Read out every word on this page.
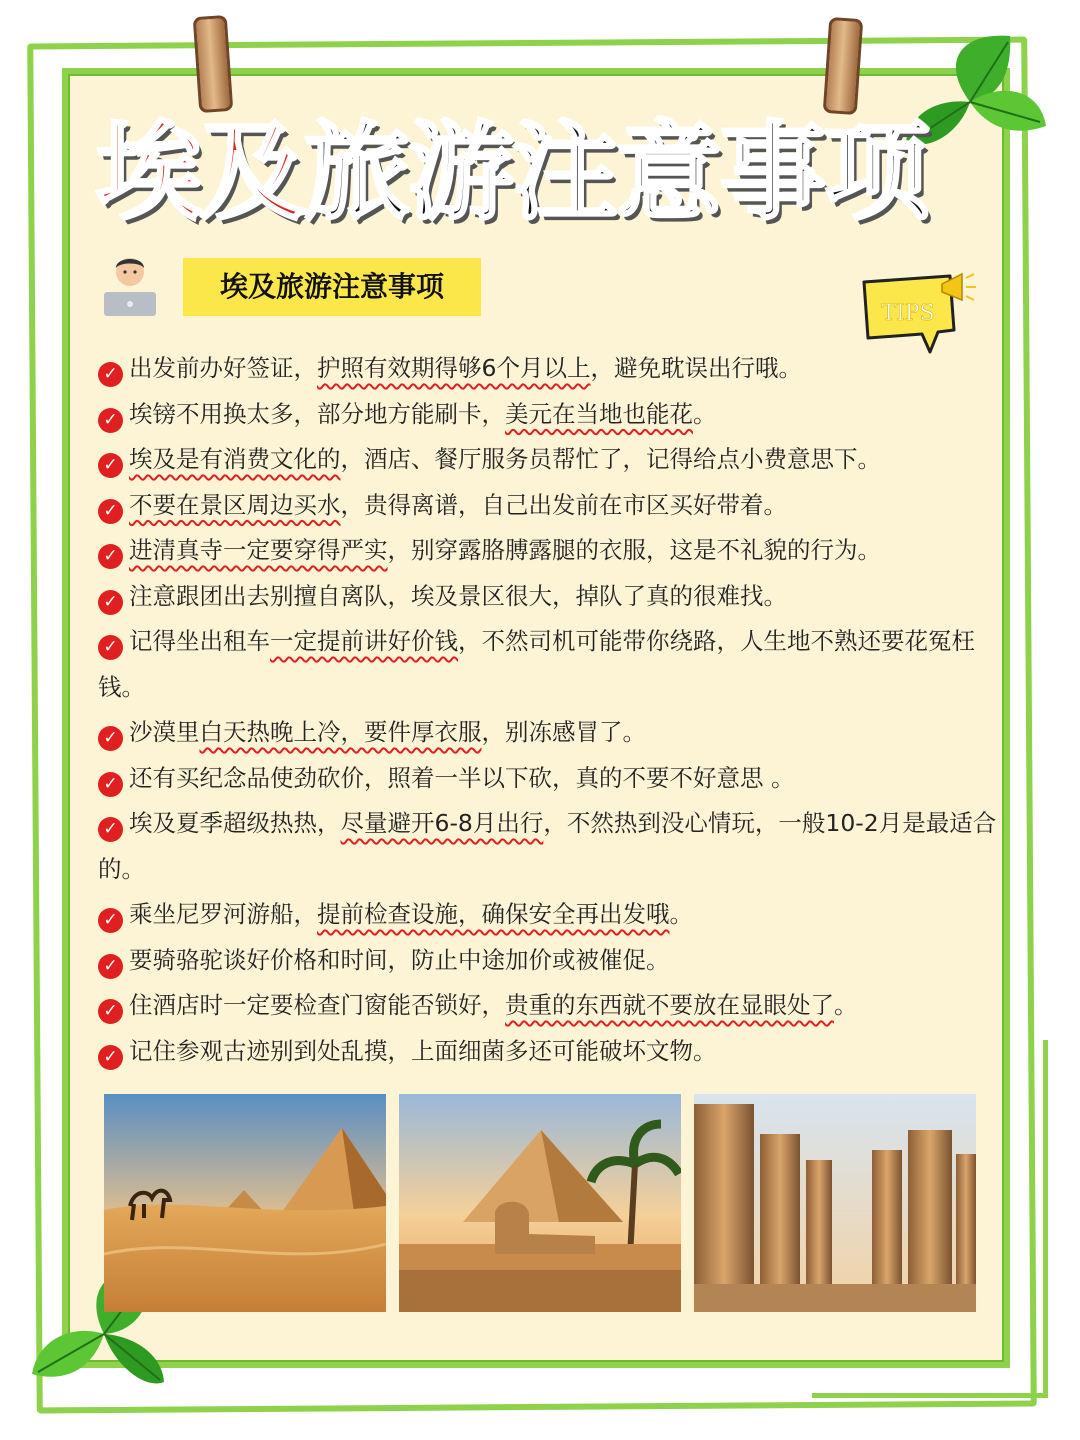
埃及旅游注意事项
埃及旅游注意事项
TIPS
✓ 出发前办好签证，护照有效期得够6个月以上，避免耽误出行哦。
✓ 埃镑不用换太多，部分地方能刷卡，美元在当地也能花。
✓ 埃及是有消费文化的，酒店、餐厅服务员帮忙了，记得给点小费意思下。
✓ 不要在景区周边买水，贵得离谱，自己出发前在市区买好带着。
✓ 进清真寺一定要穿得严实，别穿露胳膊露腿的衣服，这是不礼貌的行为。
✓ 注意跟团出去别擅自离队，埃及景区很大，掉队了真的很难找。
✓ 记得坐出租车一定提前讲好价钱，不然司机可能带你绕路，人生地不熟还要花冤枉钱。
✓ 沙漠里白天热晚上冷，要件厚衣服，别冻感冒了。
✓ 还有买纪念品使劲砍价，照着一半以下砍，真的不要不好意思 。
✓ 埃及夏季超级热热，尽量避开6-8月出行，不然热到没心情玩，一般10-2月是最适合的。
✓ 乘坐尼罗河游船，提前检查设施，确保安全再出发哦。
✓ 要骑骆驼谈好价格和时间，防止中途加价或被催促。
✓ 住酒店时一定要检查门窗能否锁好，贵重的东西就不要放在显眼处了。
✓ 记住参观古迹别到处乱摸，上面细菌多还可能破坏文物。
